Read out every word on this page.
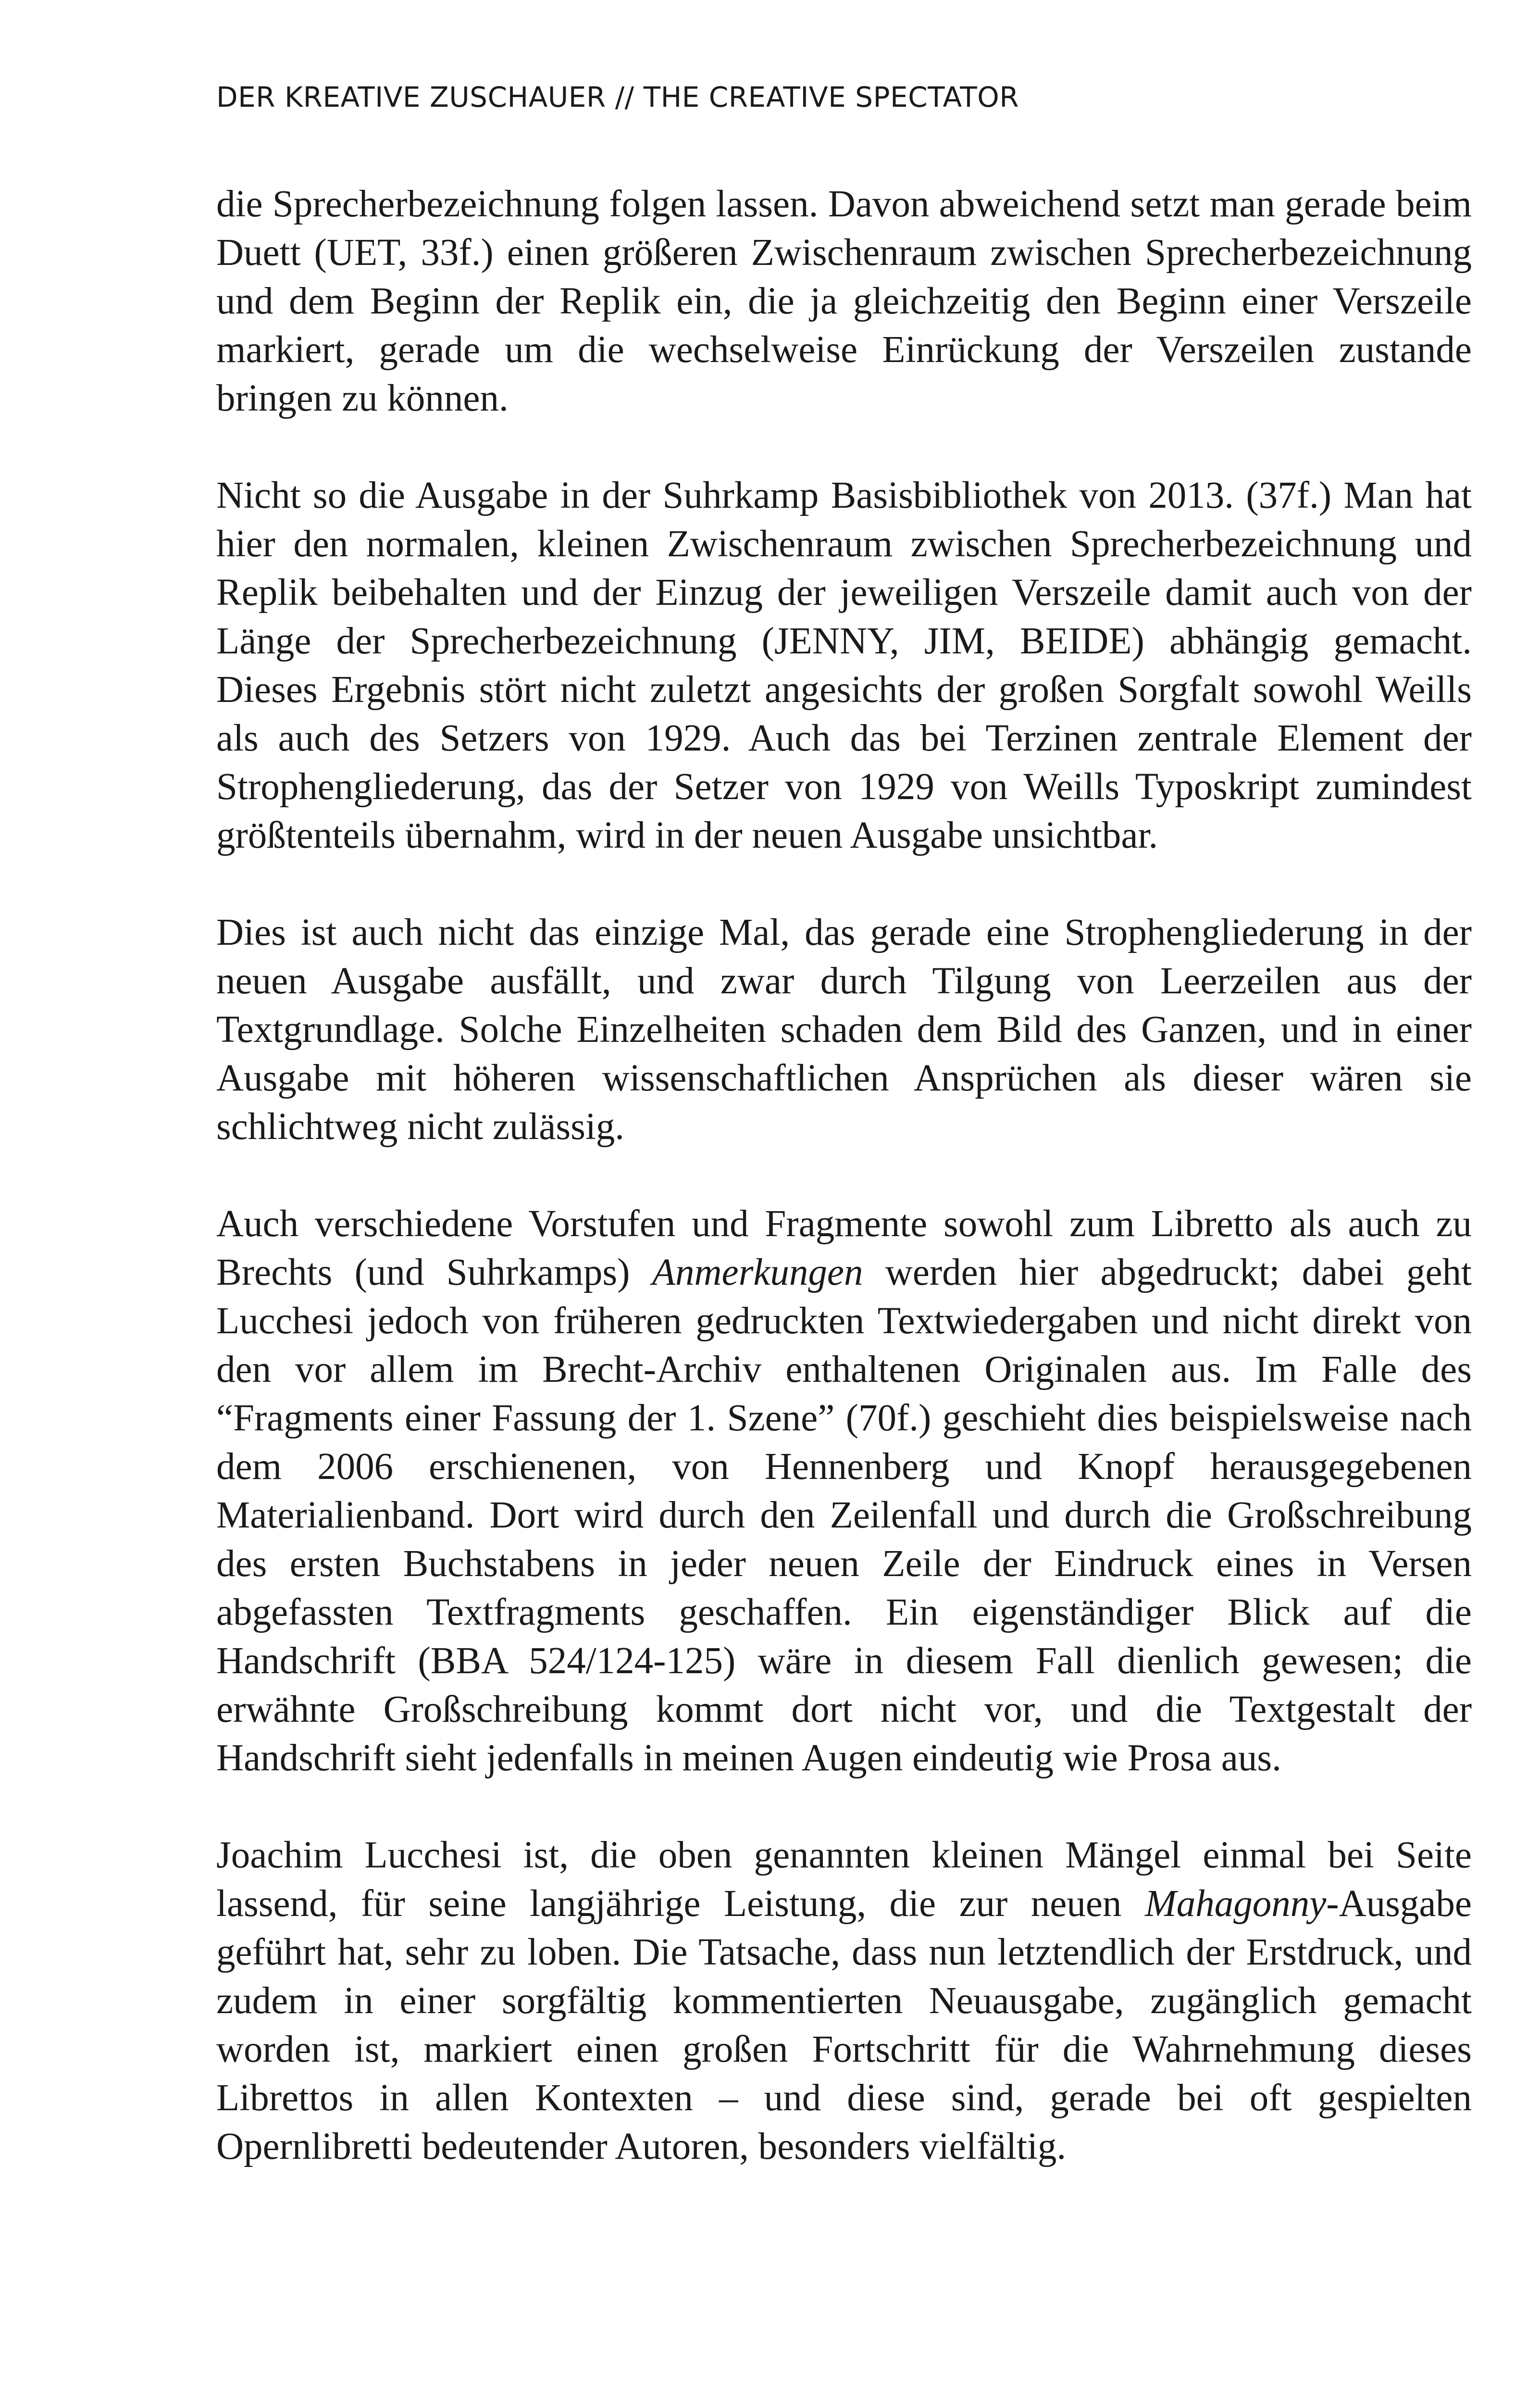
DER KREATIVE ZUSCHAUER // THE CREATIVE SPECTATOR

die Sprecherbezeichnung folgen lassen. Davon abweichend setzt man gerade beim Duett (UET, 33f.) einen größeren Zwischenraum zwischen Sprecherbezeichnung und dem Beginn der Replik ein, die ja gleichzeitig den Beginn einer Verszeile markiert, gerade um die wechselweise Einrückung der Verszeilen zustande bringen zu können.

Nicht so die Ausgabe in der Suhrkamp Basisbibliothek von 2013. (37f.) Man hat hier den normalen, kleinen Zwischenraum zwischen Sprecherbezeichnung und Replik beibehalten und der Einzug der jeweiligen Verszeile damit auch von der Länge der Sprecherbezeichnung (JENNY, JIM, BEIDE) abhängig gemacht. Dieses Ergebnis stört nicht zuletzt angesichts der großen Sorgfalt sowohl Weills als auch des Setzers von 1929. Auch das bei Terzinen zentrale Element der Strophengliederung, das der Setzer von 1929 von Weills Typoskript zumindest größtenteils übernahm, wird in der neuen Ausgabe unsichtbar.

Dies ist auch nicht das einzige Mal, das gerade eine Strophengliederung in der neuen Ausgabe ausfällt, und zwar durch Tilgung von Leerzeilen aus der Textgrundlage. Solche Einzelheiten schaden dem Bild des Ganzen, und in einer Ausgabe mit höheren wissenschaftlichen Ansprüchen als dieser wären sie schlichtweg nicht zulässig.

Auch verschiedene Vorstufen und Fragmente sowohl zum Libretto als auch zu Brechts (und Suhrkamps) Anmerkungen werden hier abgedruckt; dabei geht Lucchesi jedoch von früheren gedruckten Textwiedergaben und nicht direkt von den vor allem im Brecht-Archiv enthaltenen Originalen aus. Im Falle des “Fragments einer Fassung der 1. Szene” (70f.) geschieht dies beispielsweise nach dem 2006 erschienenen, von Hennenberg und Knopf herausgegebenen Materialienband. Dort wird durch den Zeilenfall und durch die Großschreibung des ersten Buchstabens in jeder neuen Zeile der Eindruck eines in Versen abgefassten Textfragments geschaffen. Ein eigenständiger Blick auf die Handschrift (BBA 524/124-125) wäre in diesem Fall dienlich gewesen; die erwähnte Großschreibung kommt dort nicht vor, und die Textgestalt der Handschrift sieht jedenfalls in meinen Augen eindeutig wie Prosa aus.

Joachim Lucchesi ist, die oben genannten kleinen Mängel einmal bei Seite lassend, für seine langjährige Leistung, die zur neuen Mahagonny-Ausgabe geführt hat, sehr zu loben. Die Tatsache, dass nun letztendlich der Erstdruck, und zudem in einer sorgfältig kommentierten Neuausgabe, zugänglich gemacht worden ist, markiert einen großen Fortschritt für die Wahrnehmung dieses Librettos in allen Kontexten – und diese sind, gerade bei oft gespielten Opernlibretti bedeutender Autoren, besonders vielfältig.
